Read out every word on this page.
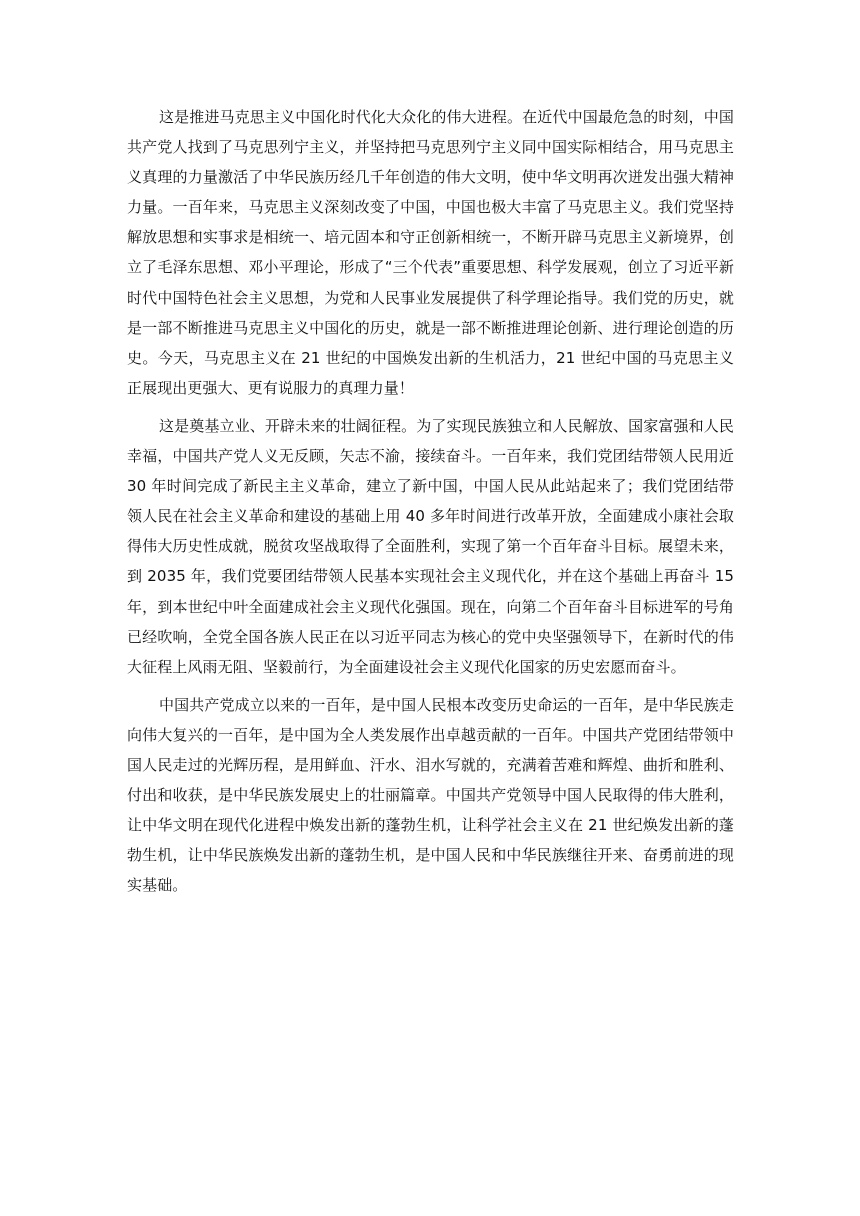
这是推进马克思主义中国化时代化大众化的伟大进程。在近代中国最危急的时刻，中国共产党人找到了马克思列宁主义，并坚持把马克思列宁主义同中国实际相结合，用马克思主义真理的力量激活了中华民族历经几千年创造的伟大文明，使中华文明再次迸发出强大精神力量。一百年来，马克思主义深刻改变了中国，中国也极大丰富了马克思主义。我们党坚持解放思想和实事求是相统一、培元固本和守正创新相统一，不断开辟马克思主义新境界，创立了毛泽东思想、邓小平理论，形成了“三个代表”重要思想、科学发展观，创立了习近平新时代中国特色社会主义思想，为党和人民事业发展提供了科学理论指导。我们党的历史，就是一部不断推进马克思主义中国化的历史，就是一部不断推进理论创新、进行理论创造的历史。今天，马克思主义在 21 世纪的中国焕发出新的生机活力，21 世纪中国的马克思主义正展现出更强大、更有说服力的真理力量！

这是奠基立业、开辟未来的壮阔征程。为了实现民族独立和人民解放、国家富强和人民幸福，中国共产党人义无反顾，矢志不渝，接续奋斗。一百年来，我们党团结带领人民用近 30 年时间完成了新民主主义革命，建立了新中国，中国人民从此站起来了；我们党团结带领人民在社会主义革命和建设的基础上用 40 多年时间进行改革开放，全面建成小康社会取得伟大历史性成就，脱贫攻坚战取得了全面胜利，实现了第一个百年奋斗目标。展望未来，到 2035 年，我们党要团结带领人民基本实现社会主义现代化，并在这个基础上再奋斗 15 年，到本世纪中叶全面建成社会主义现代化强国。现在，向第二个百年奋斗目标进军的号角已经吹响，全党全国各族人民正在以习近平同志为核心的党中央坚强领导下，在新时代的伟大征程上风雨无阻、坚毅前行，为全面建设社会主义现代化国家的历史宏愿而奋斗。

中国共产党成立以来的一百年，是中国人民根本改变历史命运的一百年，是中华民族走向伟大复兴的一百年，是中国为全人类发展作出卓越贡献的一百年。中国共产党团结带领中国人民走过的光辉历程，是用鲜血、汗水、泪水写就的，充满着苦难和辉煌、曲折和胜利、付出和收获，是中华民族发展史上的壮丽篇章。中国共产党领导中国人民取得的伟大胜利，让中华文明在现代化进程中焕发出新的蓬勃生机，让科学社会主义在 21 世纪焕发出新的蓬勃生机，让中华民族焕发出新的蓬勃生机，是中国人民和中华民族继往开来、奋勇前进的现实基础。
